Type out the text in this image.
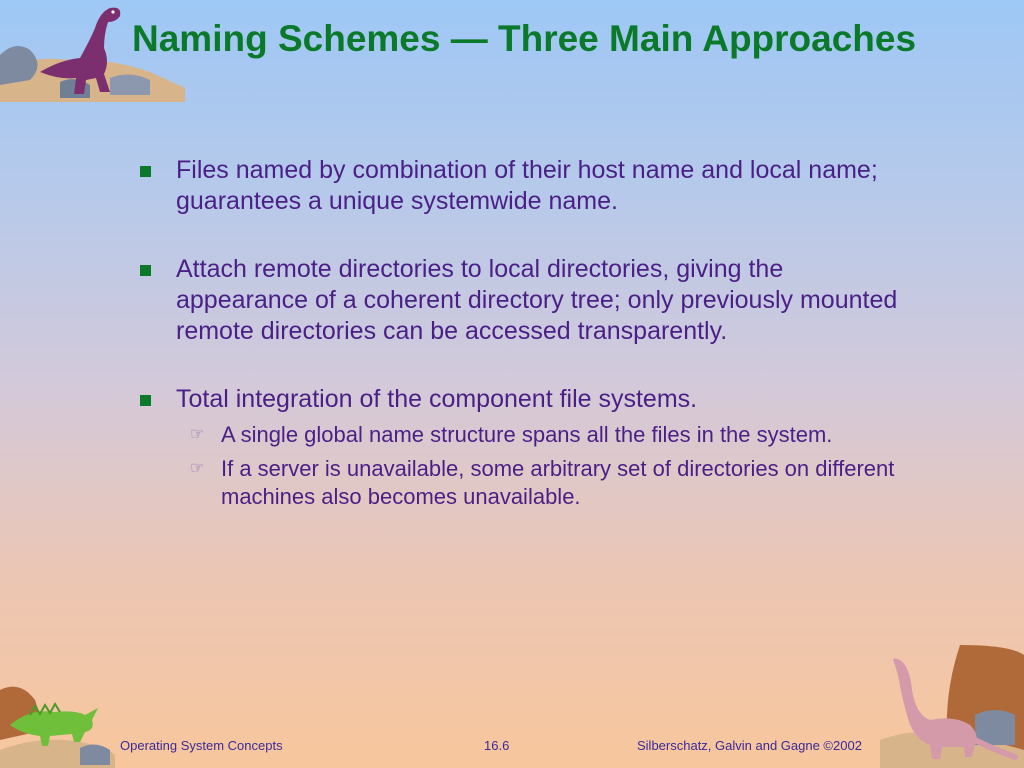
Naming Schemes — Three Main Approaches
Files named by combination of their host name and local name; guarantees a unique systemwide name.
Attach remote directories to local directories, giving the appearance of a coherent directory tree; only previously mounted remote directories can be accessed transparently.
Total integration of the component file systems.
☞ A single global name structure spans all the files in the system.
☞ If a server is unavailable, some arbitrary set of directories on different machines also becomes unavailable.
Operating System Concepts	16.6	Silberschatz, Galvin and Gagne ©2002
